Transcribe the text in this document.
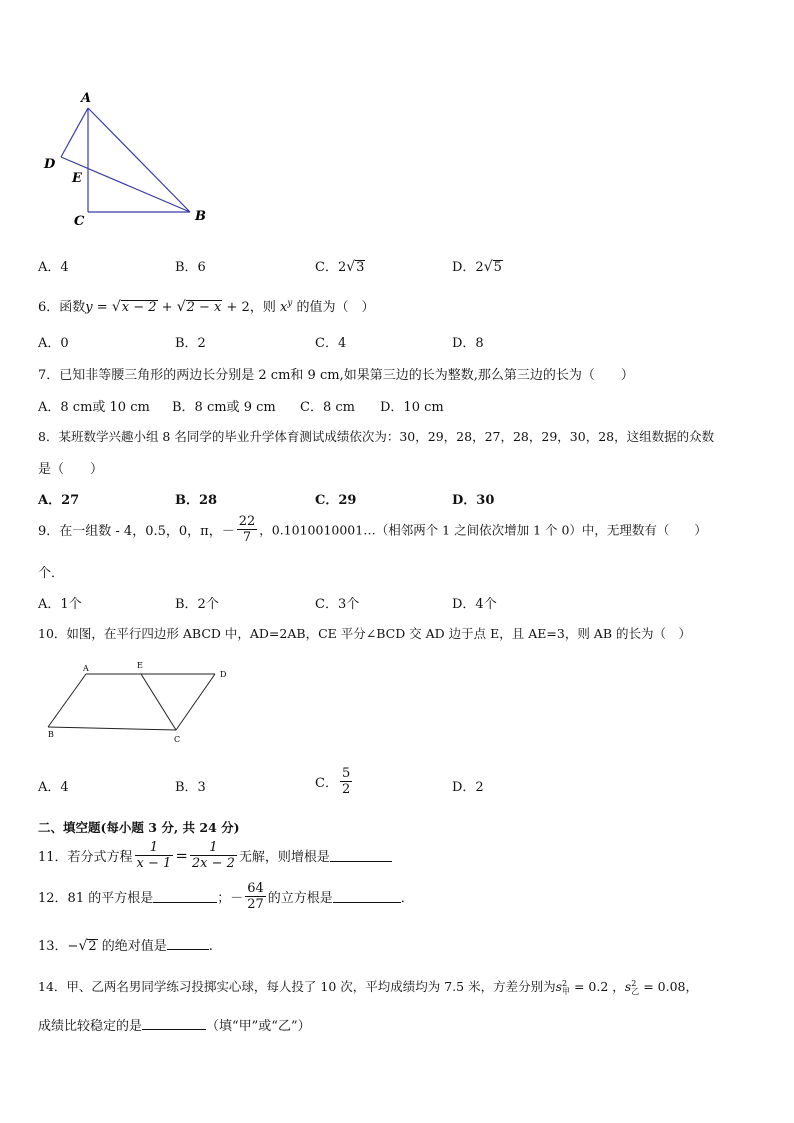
A
D
E
C	B
A．4	B．6	C．2√3	D．2√5
6．函数y = √x − 2 + √2 − x + 2，则 $x^y$ 的值为（　）
A．0	B．2	C．4	D．8
7．已知非等腰三角形的两边长分别是 2 cm和 9 cm,如果第三边的长为整数,那么第三边的长为（　　）
A．8 cm或 10 cm B．8 cm或 9 cm C．8 cm D．10 cm
8．某班数学兴趣小组 8 名同学的毕业升学体育测试成绩依次为：30，29，28，27，28，29，30，28，这组数据的众数
是（　　）
A．27	B．28	C．29	D．30
9．在一组数 - 4，0.5，0，π，－ $\frac{22}{7}$ ，0.1010010001…（相邻两个 1 之间依次增加 1 个 0）中，无理数有（　　）
个．
A．1个	B．2个	C．3个	D．4个
10．如图，在平行四边形 ABCD 中，AD=2AB，CE 平分∠BCD 交 AD 边于点 E，且 AE=3，则 AB 的长为（　）
A	E
D
B
C
A．4	B．3	C． $\frac{5}{2}$	D．2
二、填空题(每小题 3 分, 共 24 分)
11．若分式方程 $\frac{1}{x - 1} = \frac{1}{2x - 2}$ 无解，则增根是
12．81 的平方根是	；－ $\frac{64}{27}$ 的立方根是	．
13．−√2 的绝对值是	.
14．甲、乙两名男同学练习投掷实心球，每人投了 10 次，平均成绩均为 7.5 米，方差分别为s 2
甲 = 0.2 ，s 2
乙 = 0.08，
成绩比较稳定的是	（填“甲”或“乙”）
